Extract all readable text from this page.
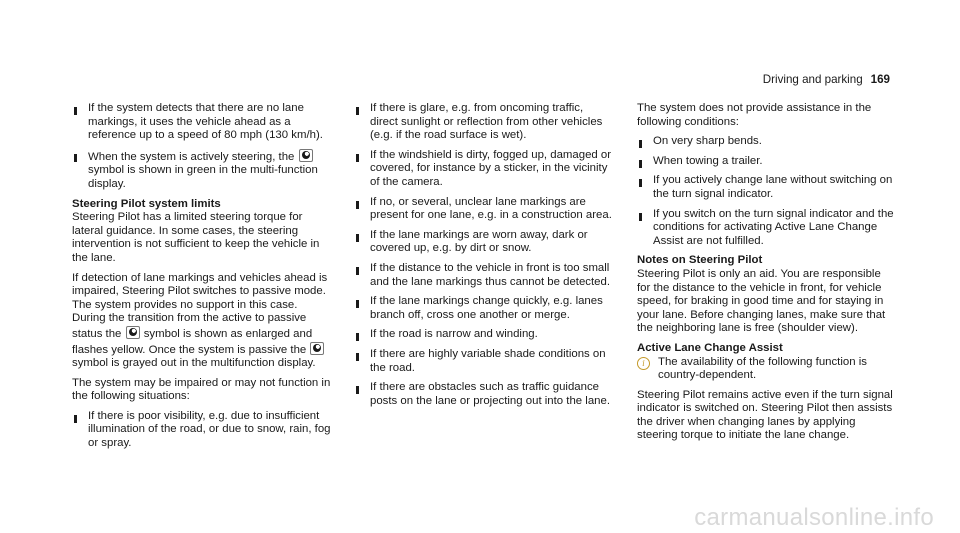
Driving and parking 169
If the system detects that there are no lane markings, it uses the vehicle ahead as a reference up to a speed of 80 mph (130 km/h).
When the system is actively steering, the  symbol is shown in green in the multi-function display.
Steering Pilot system limits

Steering Pilot has a limited steering torque for lateral guidance. In some cases, the steering intervention is not sufficient to keep the vehicle in the lane.

If detection of lane markings and vehicles ahead is impaired, Steering Pilot switches to passive mode. The system provides no support in this case. During the transition from the active to passive status the symbol is shown as enlarged and flashes yellow. Once the system is passive the  symbol is grayed out in the multifunction display.

The system may be impaired or may not function in the following situations:

If there is poor visibility, e.g. due to insufficient illumination of the road, or due to snow, rain, fog or spray.
If there is glare, e.g. from oncoming traffic, direct sunlight or reflection from other vehicles (e.g. if the road surface is wet).
If the windshield is dirty, fogged up, damaged or covered, for instance by a sticker, in the vicinity of the camera.
If no, or several, unclear lane markings are present for one lane, e.g. in a construction area.
If the lane markings are worn away, dark or covered up, e.g. by dirt or snow.
If the distance to the vehicle in front is too small and the lane markings thus cannot be detected.
If the lane markings change quickly, e.g. lanes branch off, cross one another or merge.
If the road is narrow and winding.
If there are highly variable shade conditions on the road.
If there are obstacles such as traffic guidance posts on the lane or projecting out into the lane.

The system does not provide assistance in the following conditions:

On very sharp bends.
When towing a trailer.
If you actively change lane without switching on the turn signal indicator.
If you switch on the turn signal indicator and the conditions for activating Active Lane Change Assist are not fulfilled.
Notes on Steering Pilot

Steering Pilot is only an aid. You are responsible for the distance to the vehicle in front, for vehicle speed, for braking in good time and for staying in your lane. Before changing lanes, make sure that the neighboring lane is free (shoulder view).

Active Lane Change Assist
i	The availability of the following function is country-dependent.

Steering Pilot remains active even if the turn signal indicator is switched on. Steering Pilot then assists the driver when changing lanes by applying steering torque to initiate the lane change.

carmanualsonline.info
